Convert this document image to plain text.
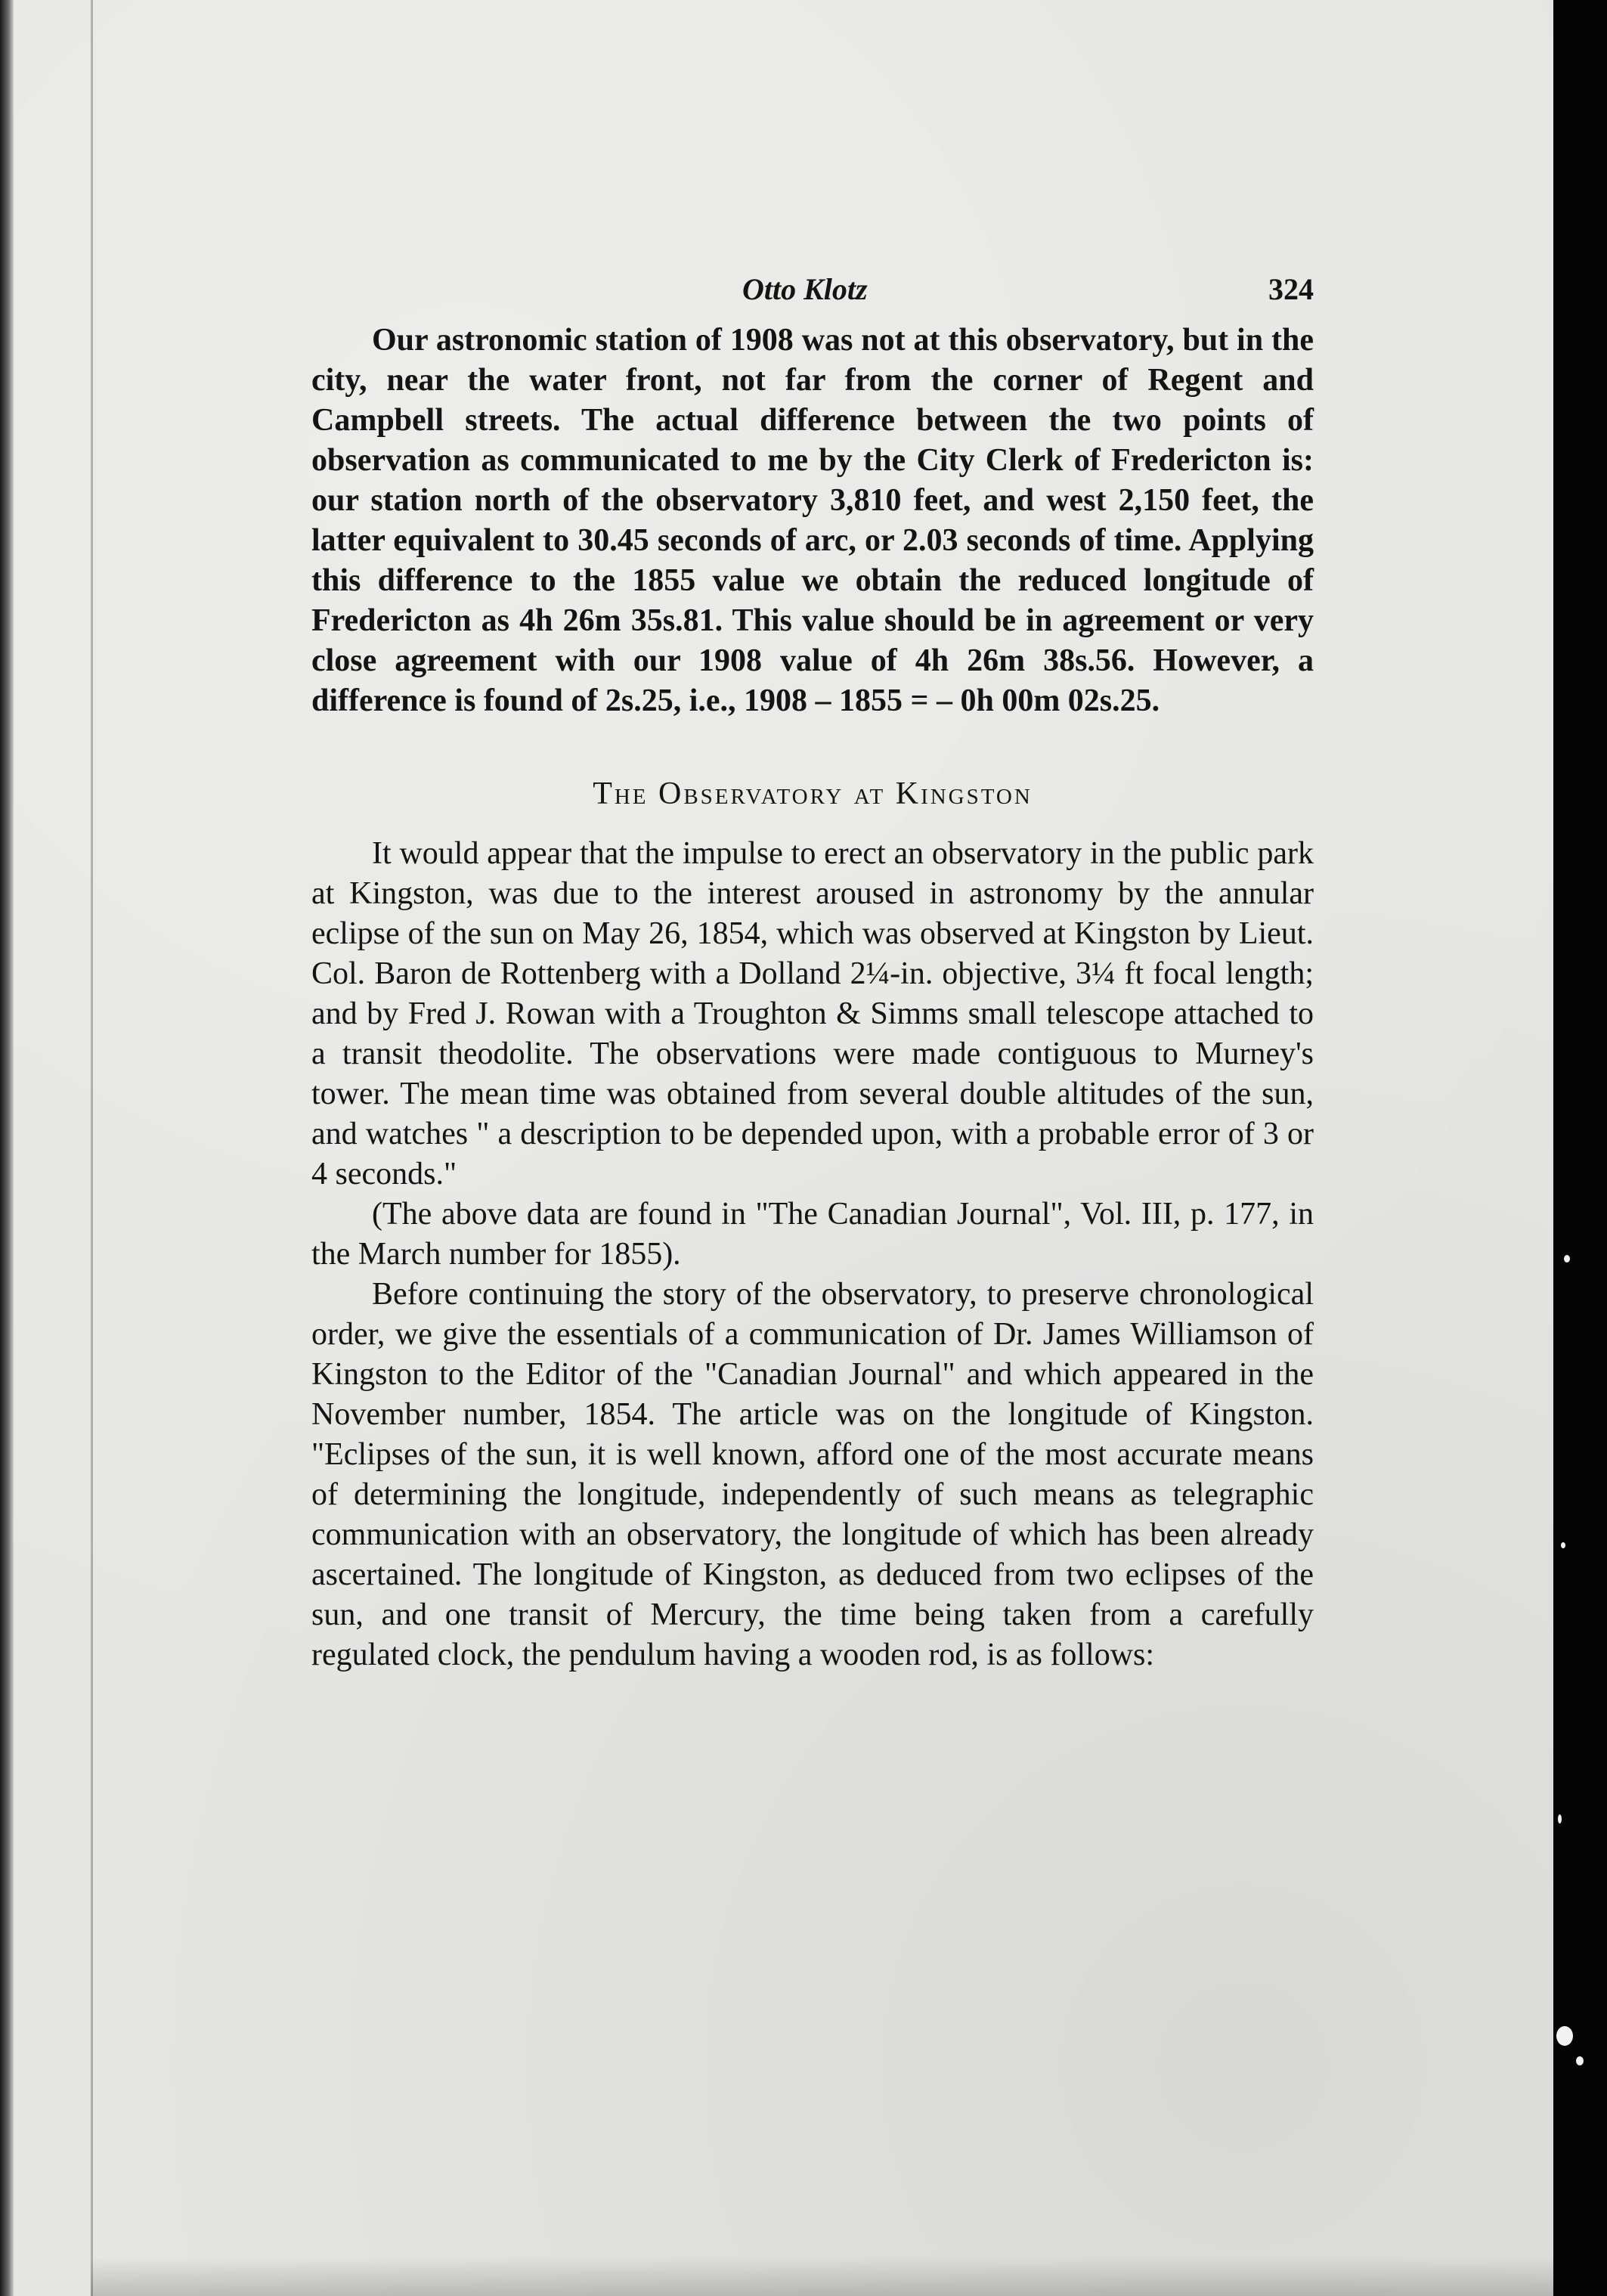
Otto Klotz	324

Our astronomic station of 1908 was not at this observatory, but in the city, near the water front, not far from the corner of Regent and Campbell streets. The actual difference between the two points of observation as communicated to me by the City Clerk of Fredericton is: our station north of the observatory 3,810 feet, and west 2,150 feet, the latter equivalent to 30.45 seconds of arc, or 2.03 seconds of time. Applying this difference to the 1855 value we obtain the reduced longitude of Fredericton as 4h 26m 35s.81. This value should be in agreement or very close agreement with our 1908 value of 4h 26m 38s.56. However, a difference is found of 2s.25, i.e., 1908 – 1855 = – 0h 00m 02s.25.

The Observatory at Kingston

It would appear that the impulse to erect an observatory in the public park at Kingston, was due to the interest aroused in astronomy by the annular eclipse of the sun on May 26, 1854, which was observed at Kingston by Lieut. Col. Baron de Rottenberg with a Dolland 2¼-in. objective, 3¼ ft focal length; and by Fred J. Rowan with a Troughton & Simms small telescope attached to a transit theodolite. The observations were made contiguous to Murney's tower. The mean time was obtained from several double altitudes of the sun, and watches " a description to be depended upon, with a probable error of 3 or 4 seconds."

(The above data are found in "The Canadian Journal", Vol. III, p. 177, in the March number for 1855).

Before continuing the story of the observatory, to preserve chronological order, we give the essentials of a communication of Dr. James Williamson of Kingston to the Editor of the "Canadian Journal" and which appeared in the November number, 1854. The article was on the longitude of Kingston. "Eclipses of the sun, it is well known, afford one of the most accurate means of determining the longitude, independently of such means as telegraphic communication with an observatory, the longitude of which has been already ascertained. The longitude of Kingston, as deduced from two eclipses of the sun, and one transit of Mercury, the time being taken from a carefully regulated clock, the pendulum having a wooden rod, is as follows:
